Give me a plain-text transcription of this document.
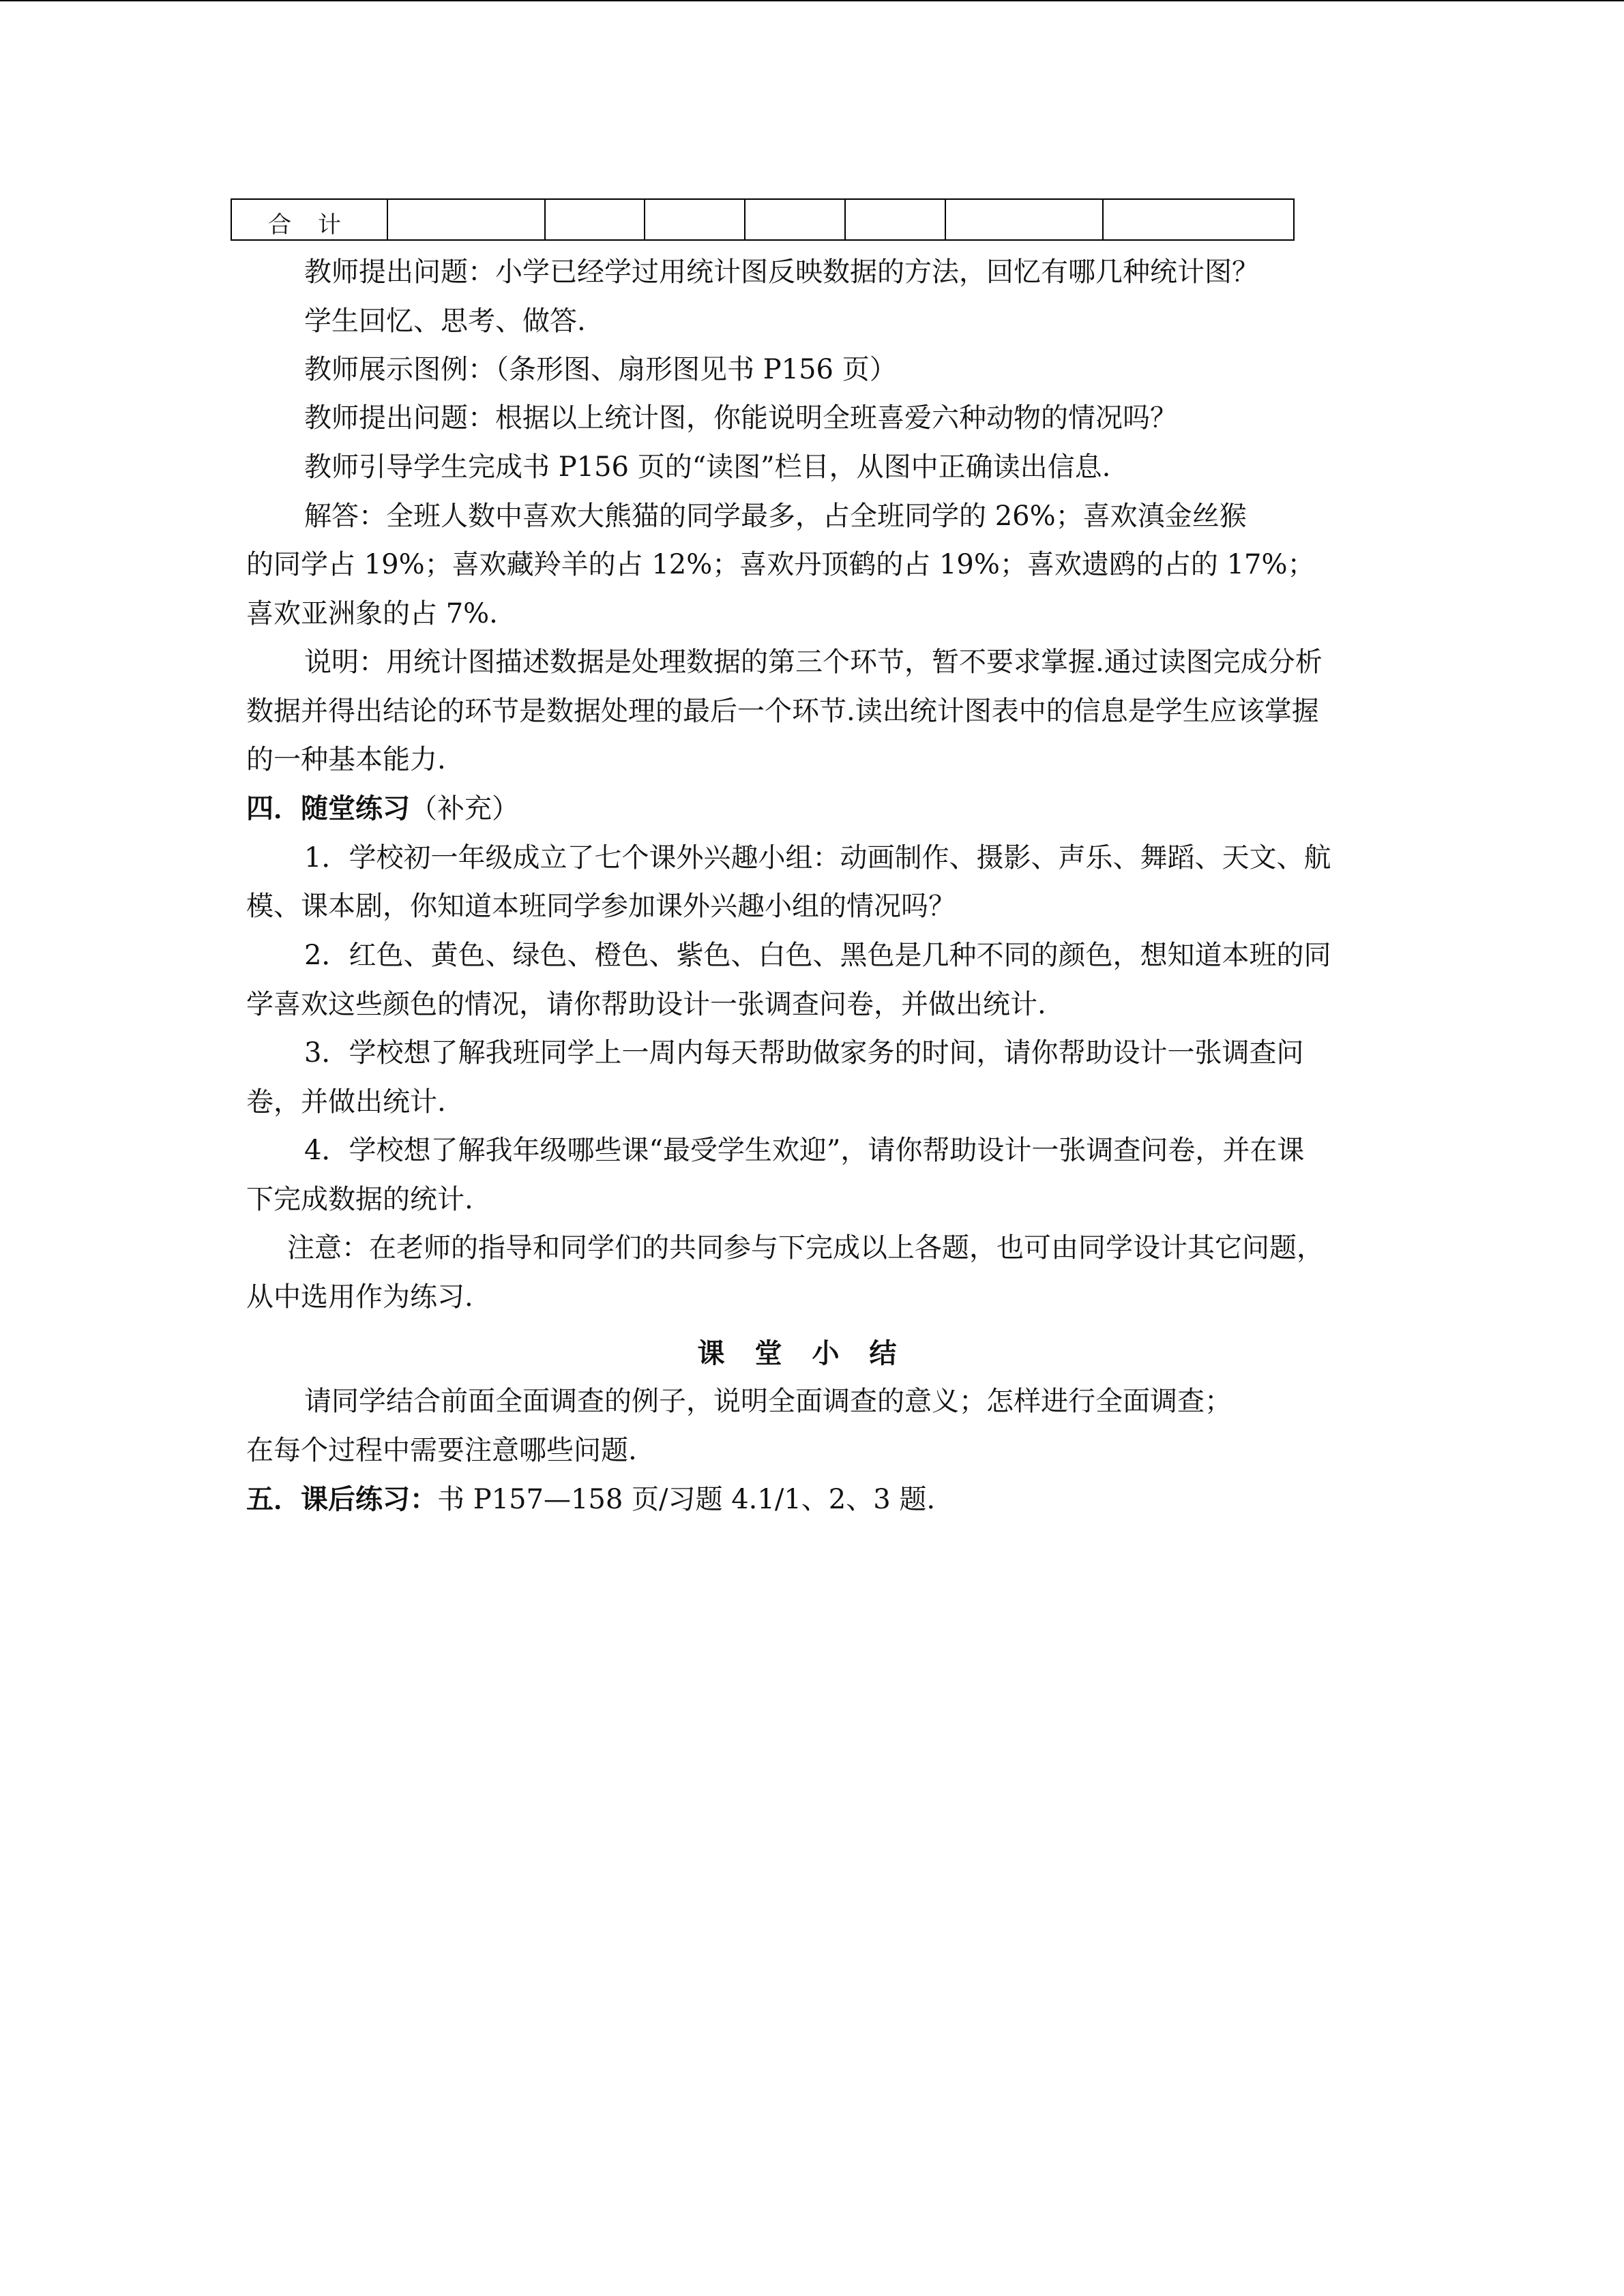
合 计							
教师提出问题：小学已经学过用统计图反映数据的方法，回忆有哪几种统计图？
学生回忆、思考、做答.
教师展示图例：（条形图、扇形图见书 P156 页）
教师提出问题：根据以上统计图，你能说明全班喜爱六种动物的情况吗？
教师引导学生完成书 P156 页的“读图”栏目，从图中正确读出信息.
解答：全班人数中喜欢大熊猫的同学最多，占全班同学的 26%；喜欢滇金丝猴
的同学占 19%；喜欢藏羚羊的占 12%；喜欢丹顶鹤的占 19%；喜欢遗鸥的占的 17%；
喜欢亚洲象的占 7%.
说明：用统计图描述数据是处理数据的第三个环节，暂不要求掌握.通过读图完成分析
数据并得出结论的环节是数据处理的最后一个环节.读出统计图表中的信息是学生应该掌握
的一种基本能力.
四．随堂练习（补充）
1．学校初一年级成立了七个课外兴趣小组：动画制作、摄影、声乐、舞蹈、天文、航
模、课本剧，你知道本班同学参加课外兴趣小组的情况吗？
2．红色、黄色、绿色、橙色、紫色、白色、黑色是几种不同的颜色，想知道本班的同
学喜欢这些颜色的情况，请你帮助设计一张调查问卷，并做出统计.
3．学校想了解我班同学上一周内每天帮助做家务的时间，请你帮助设计一张调查问
卷，并做出统计.
4．学校想了解我年级哪些课“最受学生欢迎”，请你帮助设计一张调查问卷，并在课
下完成数据的统计.
注意：在老师的指导和同学们的共同参与下完成以上各题，也可由同学设计其它问题，
从中选用作为练习.
课堂小结
请同学结合前面全面调查的例子，说明全面调查的意义；怎样进行全面调查；
在每个过程中需要注意哪些问题.
五．课后练习：书 P157—158 页/习题 4.1/1、2、3 题.
